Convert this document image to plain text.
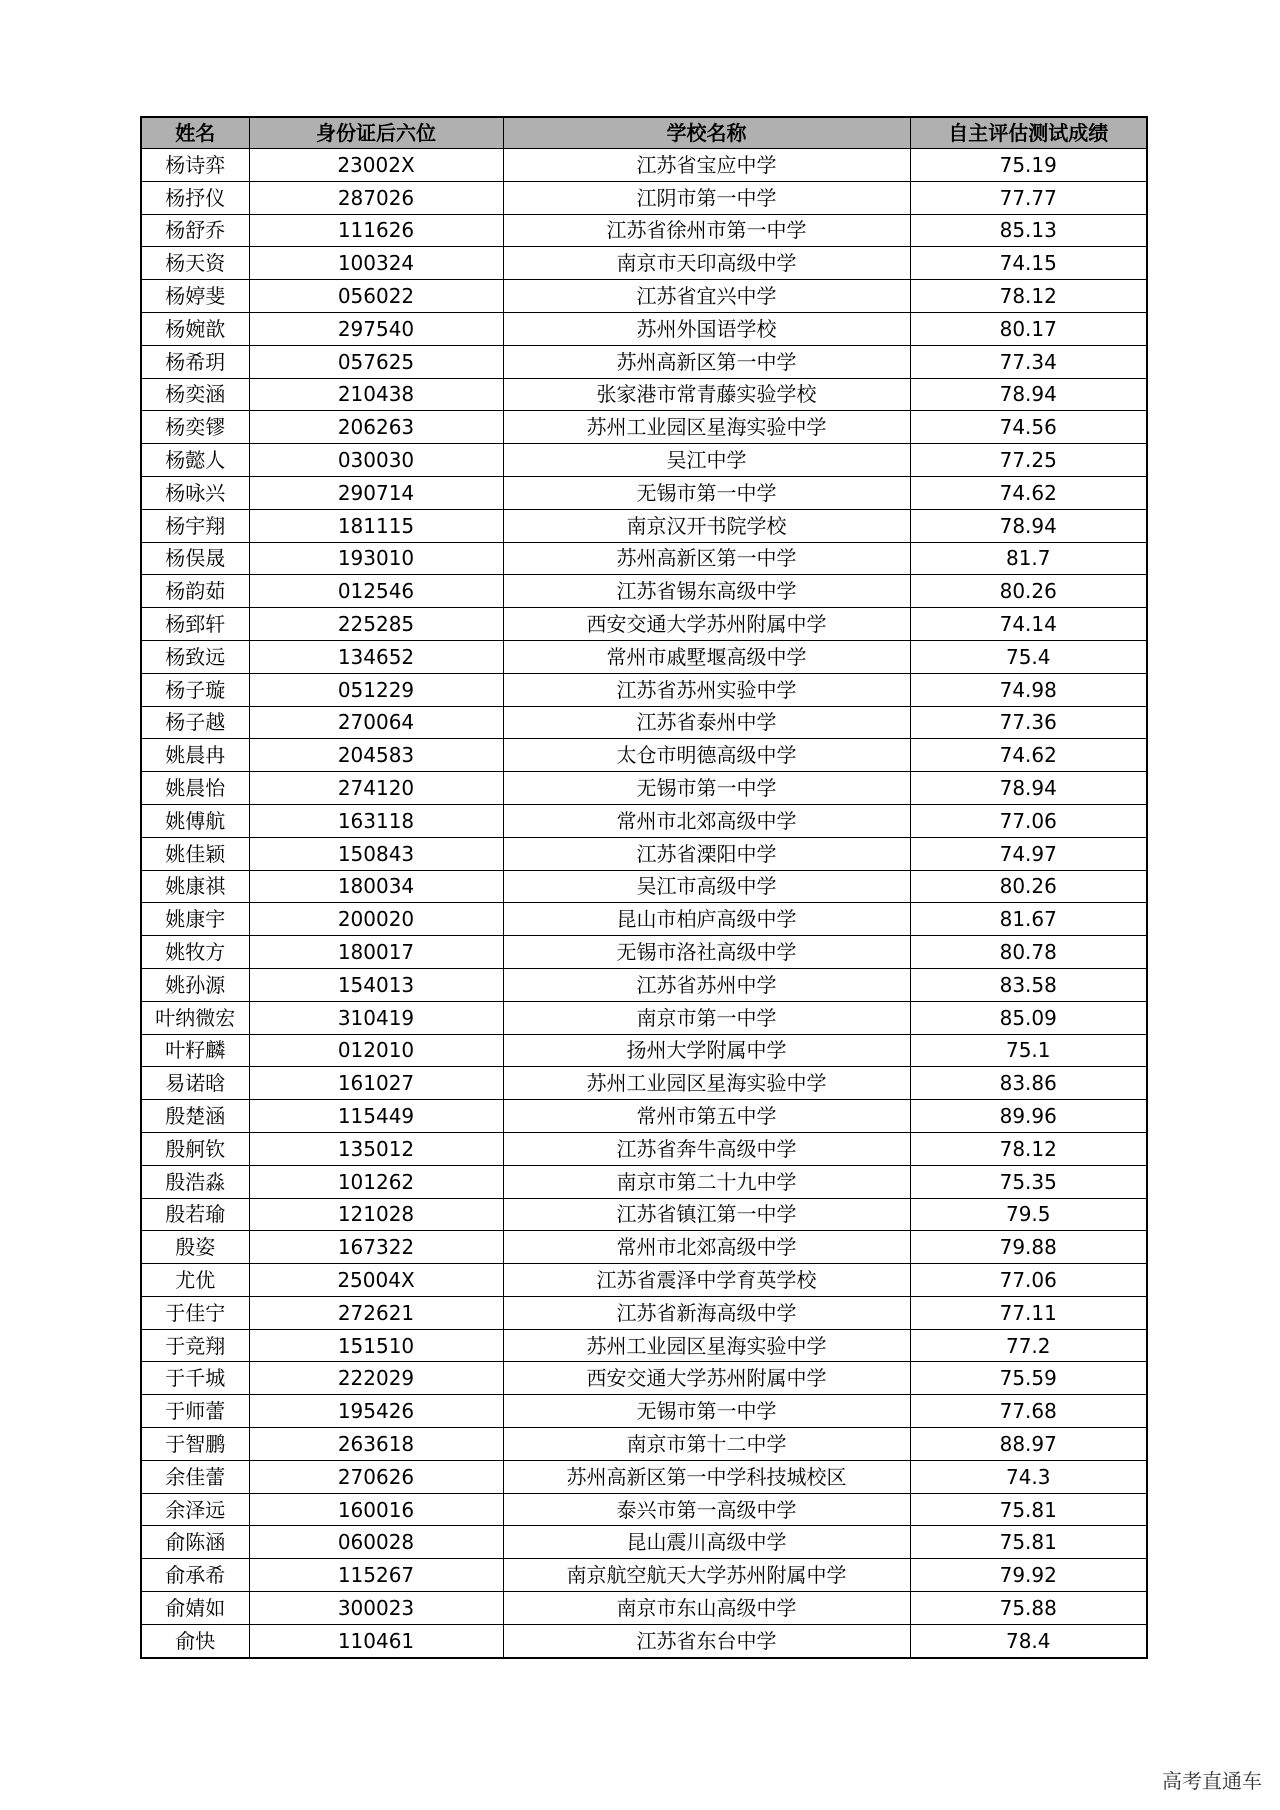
姓名	身份证后六位	学校名称	自主评估测试成绩
杨诗弈	23002X	江苏省宝应中学	75.19
杨抒仪	287026	江阴市第一中学	77.77
杨舒乔	111626	江苏省徐州市第一中学	85.13
杨天资	100324	南京市天印高级中学	74.15
杨婷斐	056022	江苏省宜兴中学	78.12
杨婉歆	297540	苏州外国语学校	80.17
杨希玥	057625	苏州高新区第一中学	77.34
杨奕涵	210438	张家港市常青藤实验学校	78.94
杨奕镠	206263	苏州工业园区星海实验中学	74.56
杨懿人	030030	吴江中学	77.25
杨咏兴	290714	无锡市第一中学	74.62
杨宇翔	181115	南京汉开书院学校	78.94
杨俣晟	193010	苏州高新区第一中学	81.7
杨韵茹	012546	江苏省锡东高级中学	80.26
杨郅轩	225285	西安交通大学苏州附属中学	74.14
杨致远	134652	常州市戚墅堰高级中学	75.4
杨子璇	051229	江苏省苏州实验中学	74.98
杨子越	270064	江苏省泰州中学	77.36
姚晨冉	204583	太仓市明德高级中学	74.62
姚晨怡	274120	无锡市第一中学	78.94
姚傅航	163118	常州市北郊高级中学	77.06
姚佳颖	150843	江苏省溧阳中学	74.97
姚康祺	180034	吴江市高级中学	80.26
姚康宇	200020	昆山市柏庐高级中学	81.67
姚牧方	180017	无锡市洛社高级中学	80.78
姚孙源	154013	江苏省苏州中学	83.58
叶纳微宏	310419	南京市第一中学	85.09
叶籽麟	012010	扬州大学附属中学	75.1
易诺晗	161027	苏州工业园区星海实验中学	83.86
殷楚涵	115449	常州市第五中学	89.96
殷舸钦	135012	江苏省奔牛高级中学	78.12
殷浩淼	101262	南京市第二十九中学	75.35
殷若瑜	121028	江苏省镇江第一中学	79.5
殷姿	167322	常州市北郊高级中学	79.88
尤优	25004X	江苏省震泽中学育英学校	77.06
于佳宁	272621	江苏省新海高级中学	77.11
于竞翔	151510	苏州工业园区星海实验中学	77.2
于千城	222029	西安交通大学苏州附属中学	75.59
于师蕾	195426	无锡市第一中学	77.68
于智鹏	263618	南京市第十二中学	88.97
余佳蕾	270626	苏州高新区第一中学科技城校区	74.3
余泽远	160016	泰兴市第一高级中学	75.81
俞陈涵	060028	昆山震川高级中学	75.81
俞承希	115267	南京航空航天大学苏州附属中学	79.92
俞婧如	300023	南京市东山高级中学	75.88
俞快	110461	江苏省东台中学	78.4
高考直通车
